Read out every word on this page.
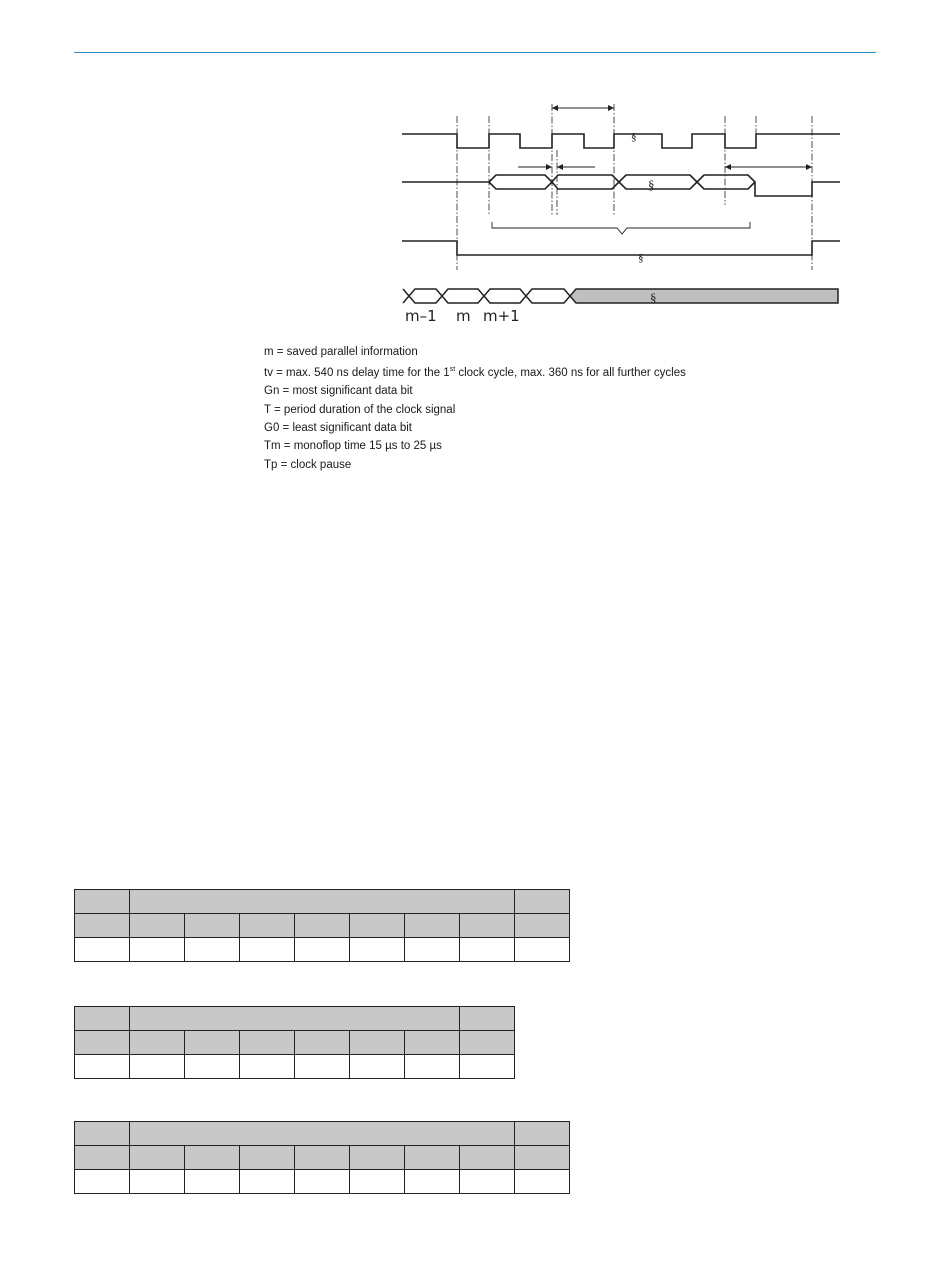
§
§
§
§
m–1 m m+1
m = saved parallel information
tv = max. 540 ns delay time for the 1st clock cycle, max. 360 ns for all further cycles
Gn = most significant data bit
T = period duration of the clock signal
G0 = least significant data bit
Tm = monoflop time 15 µs to 25 µs
Tp = clock pause
